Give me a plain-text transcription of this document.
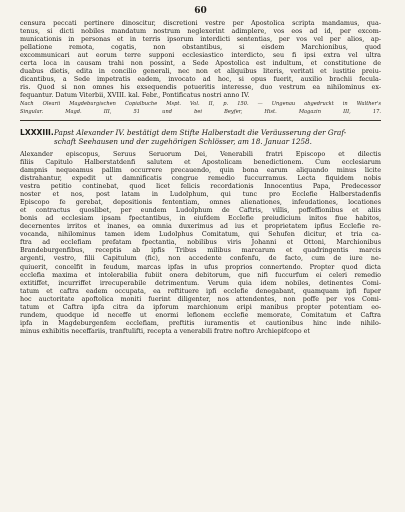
60

censura peccati pertinere dinoscitur, discretioni vestre per Apostolica scripta mandamus, qua-
tenus, si dicti nobiles mandatum nostrum neglexerint adimplere, vos eos ad id, per excom-
municationis in personas et in terris ipsorum interdicti sententias, per vos vel per alios, ap-
pellatione remota, cogatis, non obstantibus, si eisdem Marchionibus, quod
excommunicari aut eorum terre supponi ecclesiastico interdicto, seu fi ipsi extra vel ultra
certa loca in causam trahi non possint, a Sede Apostolica est indultum, et constitutione de
duabus dietis, edita in concilio generali, nec non et aliquibus literis, veritati et iustitie preiu-
dicantibus, a Sede impetratis eadem, invocato ad hoc, si opus fuerit, auxilio brachii fecula-
ris. Quod si non omnes his exsequendis potueritis interesse, duo vestrum ea nihilominus ex-
fequantur. Datum Viterbii, XVIII. kal. Febr., Pontificatus nostri anno IV.

Nach Olearii Magdeburgischen Copialbuche Mspt. Vol. II, p. 150. — Ungenau abgedruckt in Walther's
Singular. Magd. III, 51 und bei Beyfer, Hist. Magazin III, 17.
LXXXIII. Papst Alexander IV. bestätigt dem Stifte Halberstadt die Veräusserung der Graf-
schaft Seehausen und der zugehörigen Schlösser, am 18. Januar 1258.

Alexander episcopus, Seruus Seruorum Dei, Venerabili fratri Episcopo et dilectis
filiis Capitulo Halberstatdenfi salutem et Apostolicam benedictionem. Cum ecclesiarum
dampnis nequeamus pallim occurrere precauendo, quin bona earum aliquando minus licite
distrahantur, expedit ut damnificatis congrue remedio fuccurramus. Lecta fiquidem nobis
vestra petitio continebat, quod licet felicis recordationis Innocentius Papa, Predecessor
noster et nos, post latam in Ludolphum, qui tunc pro Ecclefie Halberstadenfis
Episcopo fe gerebat, depositionis fententiam, omnes alienationes, infeudationes, locationes
et contractus quoslibet, per eundem Ludolphum de Caftris, villis, poffeffionibus et aliis
bonis ad ecclesiam ipsam fpectantibus, in eiufdem Ecclefie preiudicium initos fiue habitos,
decernentes irritos et inanes, ea omnia duxerimus ad ius et proprietatem ipfius Ecclefie re-
vocanda, nihilominus tamen idem Ludolphus Comitatum, qui Sehufen dicitur, et tria ca-
ftra ad ecclefiam prefatam fpectantia, nobilibus viris Johanni et Ottoni, Marchionibus
Brandeburgenfibus, receptis ab ipfis Tribus milibus marcarum et quadringentis marcis
argenti, vestro, filii Capitulum (fic), non accedente confenfu, de facto, cum de iure ne-
quiuerit, concelfit in feudum, marcas ipfas in ufus proprios connertendo. Propter quod dicta
ecclefia maxima et intolerabilia fubiit onera debitorum, que nifi fuccurfum ei celeri remedio
extitiffet, incurriffet irrecuperabile detrimentum. Verum quia idem nobiles, detinentes Comi-
tatum et caftra eadem occupata, ea reftituere ipfi ecclefie denegabant, quamquam ipfi fuper
hoc auctoritate apoftolica moniti fuerint diligenter, nos attendentes, non poffe per vos Comi-
tatum et Caftra ipfa citra da ipforum marchionum eripi manibus propter potentiam eo-
rundem, quodque id neceffe ut enormi lefionem ecclefie memorate, Comitatum et Caftra
ipfa in Magdeburgenfem ecclefiam, preftitis iuramentis et cautionibus hinc inde nihilo-
minus exhibitis neceffariis, tranftulifti, recepta a venerabili fratre noftro Archiepifcopo et
